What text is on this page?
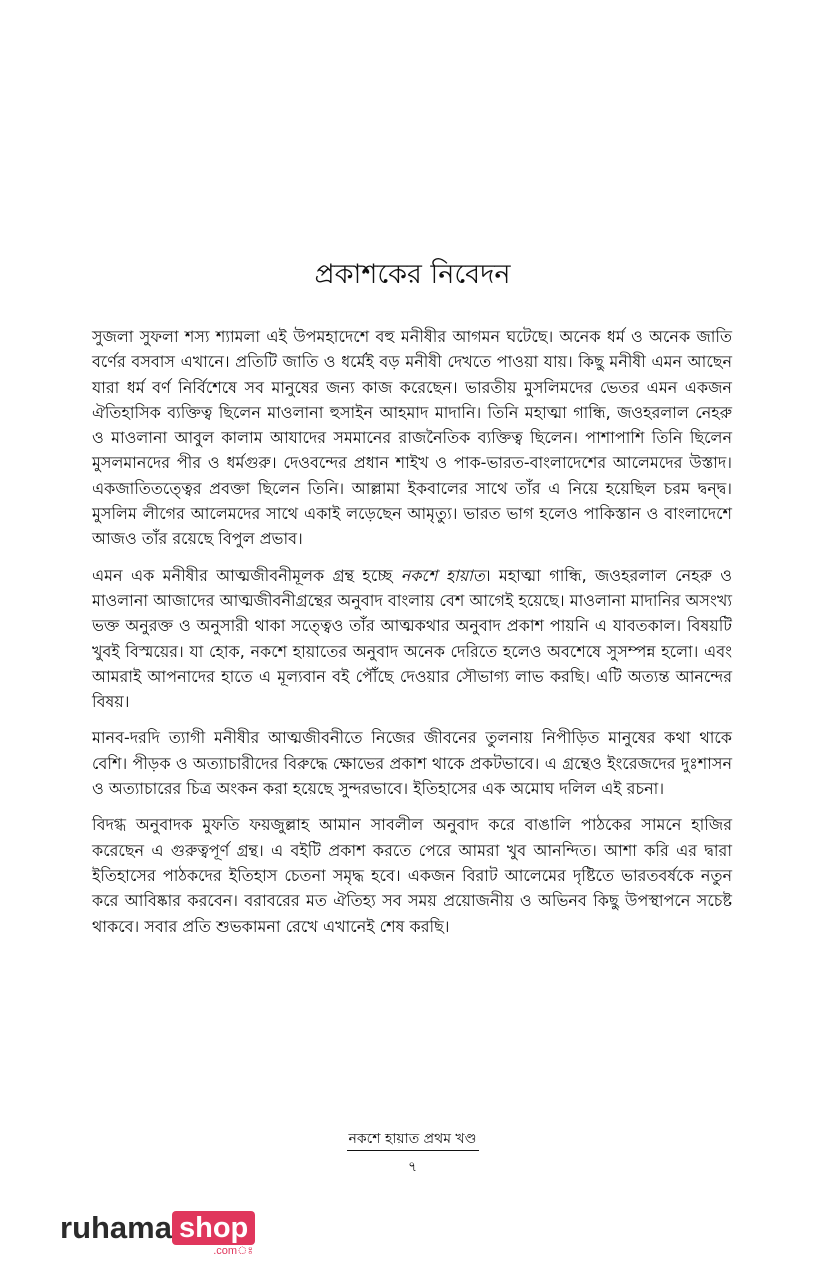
প্রকাশকের নিবেদন

সুজলা সুফলা শস্য শ্যামলা এই উপমহাদেশে বহু মনীষীর আগমন ঘটেছে। অনেক ধর্ম ও অনেক জাতি বর্ণের বসবাস এখানে। প্রতিটি জাতি ও ধর্মেই বড় মনীষী দেখতে পাওয়া যায়। কিছু মনীষী এমন আছেন যারা ধর্ম বর্ণ নির্বিশেষে সব মানুষের জন্য কাজ করেছেন। ভারতীয় মুসলিমদের ভেতর এমন একজন ঐতিহাসিক ব্যক্তিত্ব ছিলেন মাওলানা হুসাইন আহমাদ মাদানি। তিনি মহাত্মা গান্ধি, জওহরলাল নেহরু ও মাওলানা আবুল কালাম আযাদের সমমানের রাজনৈতিক ব্যক্তিত্ব ছিলেন। পাশাপাশি তিনি ছিলেন মুসলমানদের পীর ও ধর্মগুরু। দেওবন্দের প্রধান শাইখ ও পাক-ভারত-বাংলাদেশের আলেমদের উস্তাদ। একজাতিতত্ত্বের প্রবক্তা ছিলেন তিনি। আল্লামা ইকবালের সাথে তাঁর এ নিয়ে হয়েছিল চরম দ্বন্দ্ব। মুসলিম লীগের আলেমদের সাথে একাই লড়েছেন আমৃত্যু। ভারত ভাগ হলেও পাকিস্তান ও বাংলাদেশে আজও তাঁর রয়েছে বিপুল প্রভাব।

এমন এক মনীষীর আত্মজীবনীমূলক গ্রন্থ হচ্ছে নকশে হায়াত। মহাত্মা গান্ধি, জওহরলাল নেহরু ও মাওলানা আজাদের আত্মজীবনীগ্রন্থের অনুবাদ বাংলায় বেশ আগেই হয়েছে। মাওলানা মাদানির অসংখ্য ভক্ত অনুরক্ত ও অনুসারী থাকা সত্ত্বেও তাঁর আত্মকথার অনুবাদ প্রকাশ পায়নি এ যাবতকাল। বিষয়টি খুবই বিস্ময়ের। যা হোক, নকশে হায়াতের অনুবাদ অনেক দেরিতে হলেও অবশেষে সুসম্পন্ন হলো। এবং আমরাই আপনাদের হাতে এ মূল্যবান বই পৌঁছে দেওয়ার সৌভাগ্য লাভ করছি। এটি অত্যন্ত আনন্দের বিষয়।

মানব-দরদি ত্যাগী মনীষীর আত্মজীবনীতে নিজের জীবনের তুলনায় নিপীড়িত মানুষের কথা থাকে বেশি। পীড়ক ও অত্যাচারীদের বিরুদ্ধে ক্ষোভের প্রকাশ থাকে প্রকটভাবে। এ গ্রন্থেও ইংরেজদের দুঃশাসন ও অত্যাচারের চিত্র অংকন করা হয়েছে সুন্দরভাবে। ইতিহাসের এক অমোঘ দলিল এই রচনা।

বিদগ্ধ অনুবাদক মুফতি ফয়জুল্লাহ আমান সাবলীল অনুবাদ করে বাঙালি পাঠকের সামনে হাজির করেছেন এ গুরুত্বপূর্ণ গ্রন্থ। এ বইটি প্রকাশ করতে পেরে আমরা খুব আনন্দিত। আশা করি এর দ্বারা ইতিহাসের পাঠকদের ইতিহাস চেতনা সমৃদ্ধ হবে। একজন বিরাট আলেমের দৃষ্টিতে ভারতবর্ষকে নতুন করে আবিষ্কার করবেন। বরাবরের মত ঐতিহ্য সব সময় প্রয়োজনীয় ও অভিনব কিছু উপস্থাপনে সচেষ্ট থাকবে। সবার প্রতি শুভকামনা রেখে এখানেই শেষ করছি।

নকশে হায়াত প্রথম খণ্ড
৭
ruhama shop
.comঃ
